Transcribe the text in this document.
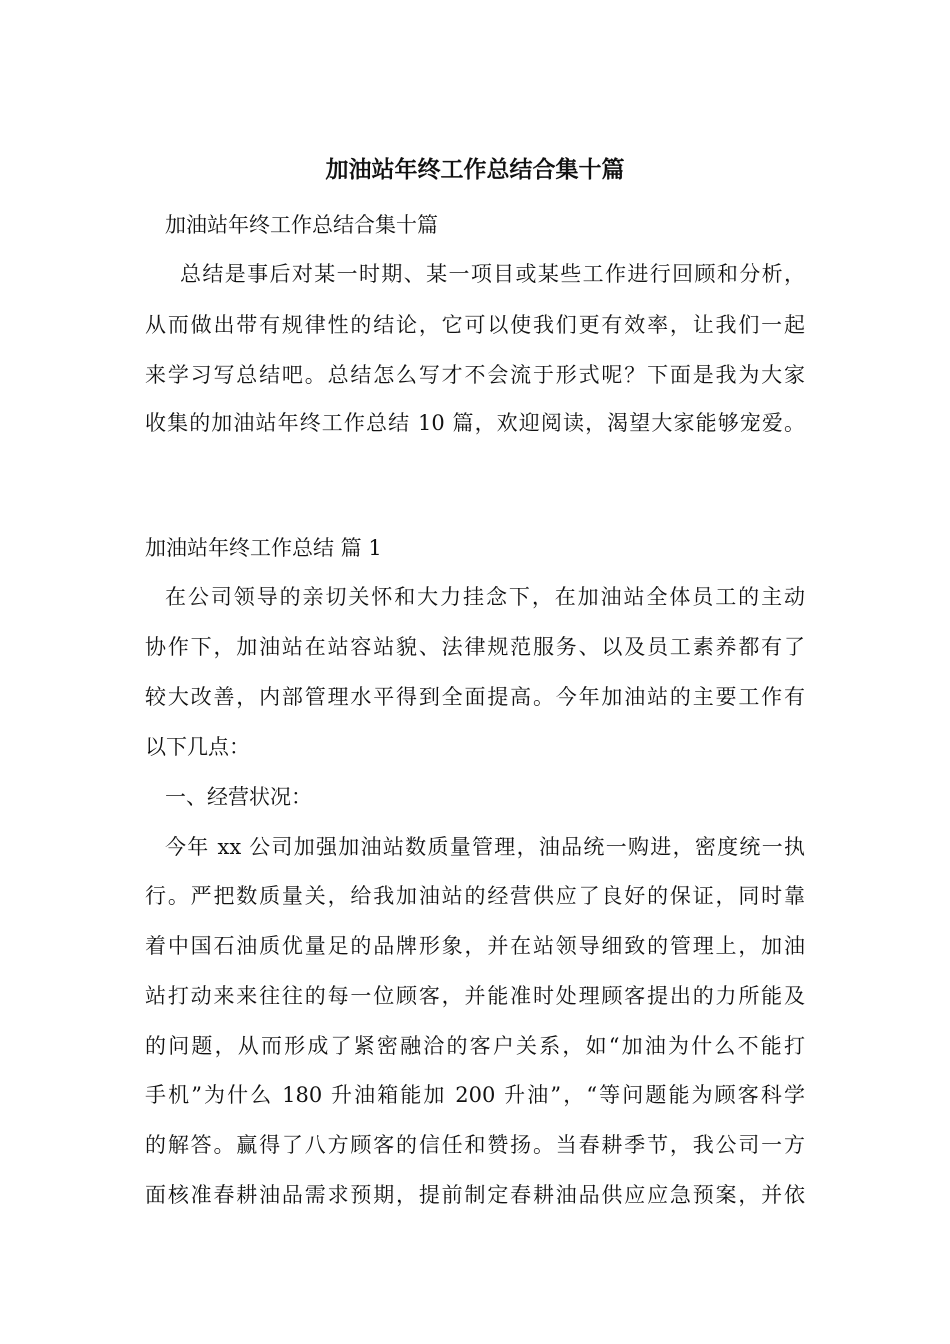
加油站年终工作总结合集十篇

加油站年终工作总结合集十篇

总结是事后对某一时期、某一项目或某些工作进行回顾和分析，

从而做出带有规律性的结论，它可以使我们更有效率，让我们一起

来学习写总结吧。总结怎么写才不会流于形式呢？下面是我为大家

收集的加油站年终工作总结 10 篇，欢迎阅读，渴望大家能够宠爱。

加油站年终工作总结 篇 1

在公司领导的亲切关怀和大力挂念下，在加油站全体员工的主动

协作下，加油站在站容站貌、法律规范服务、以及员工素养都有了

较大改善，内部管理水平得到全面提高。今年加油站的主要工作有

以下几点：

一、经营状况：

今年 xx 公司加强加油站数质量管理，油品统一购进，密度统一执

行。严把数质量关，给我加油站的经营供应了良好的保证，同时靠

着中国石油质优量足的品牌形象，并在站领导细致的管理上，加油

站打动来来往往的每一位顾客，并能准时处理顾客提出的力所能及

的问题，从而形成了紧密融洽的客户关系，如“加油为什么不能打

手机”为什么 180 升油箱能加 200 升油”，“等问题能为顾客科学

的解答。赢得了八方顾客的信任和赞扬。当春耕季节，我公司一方

面核准春耕油品需求预期，提前制定春耕油品供应应急预案，并依
